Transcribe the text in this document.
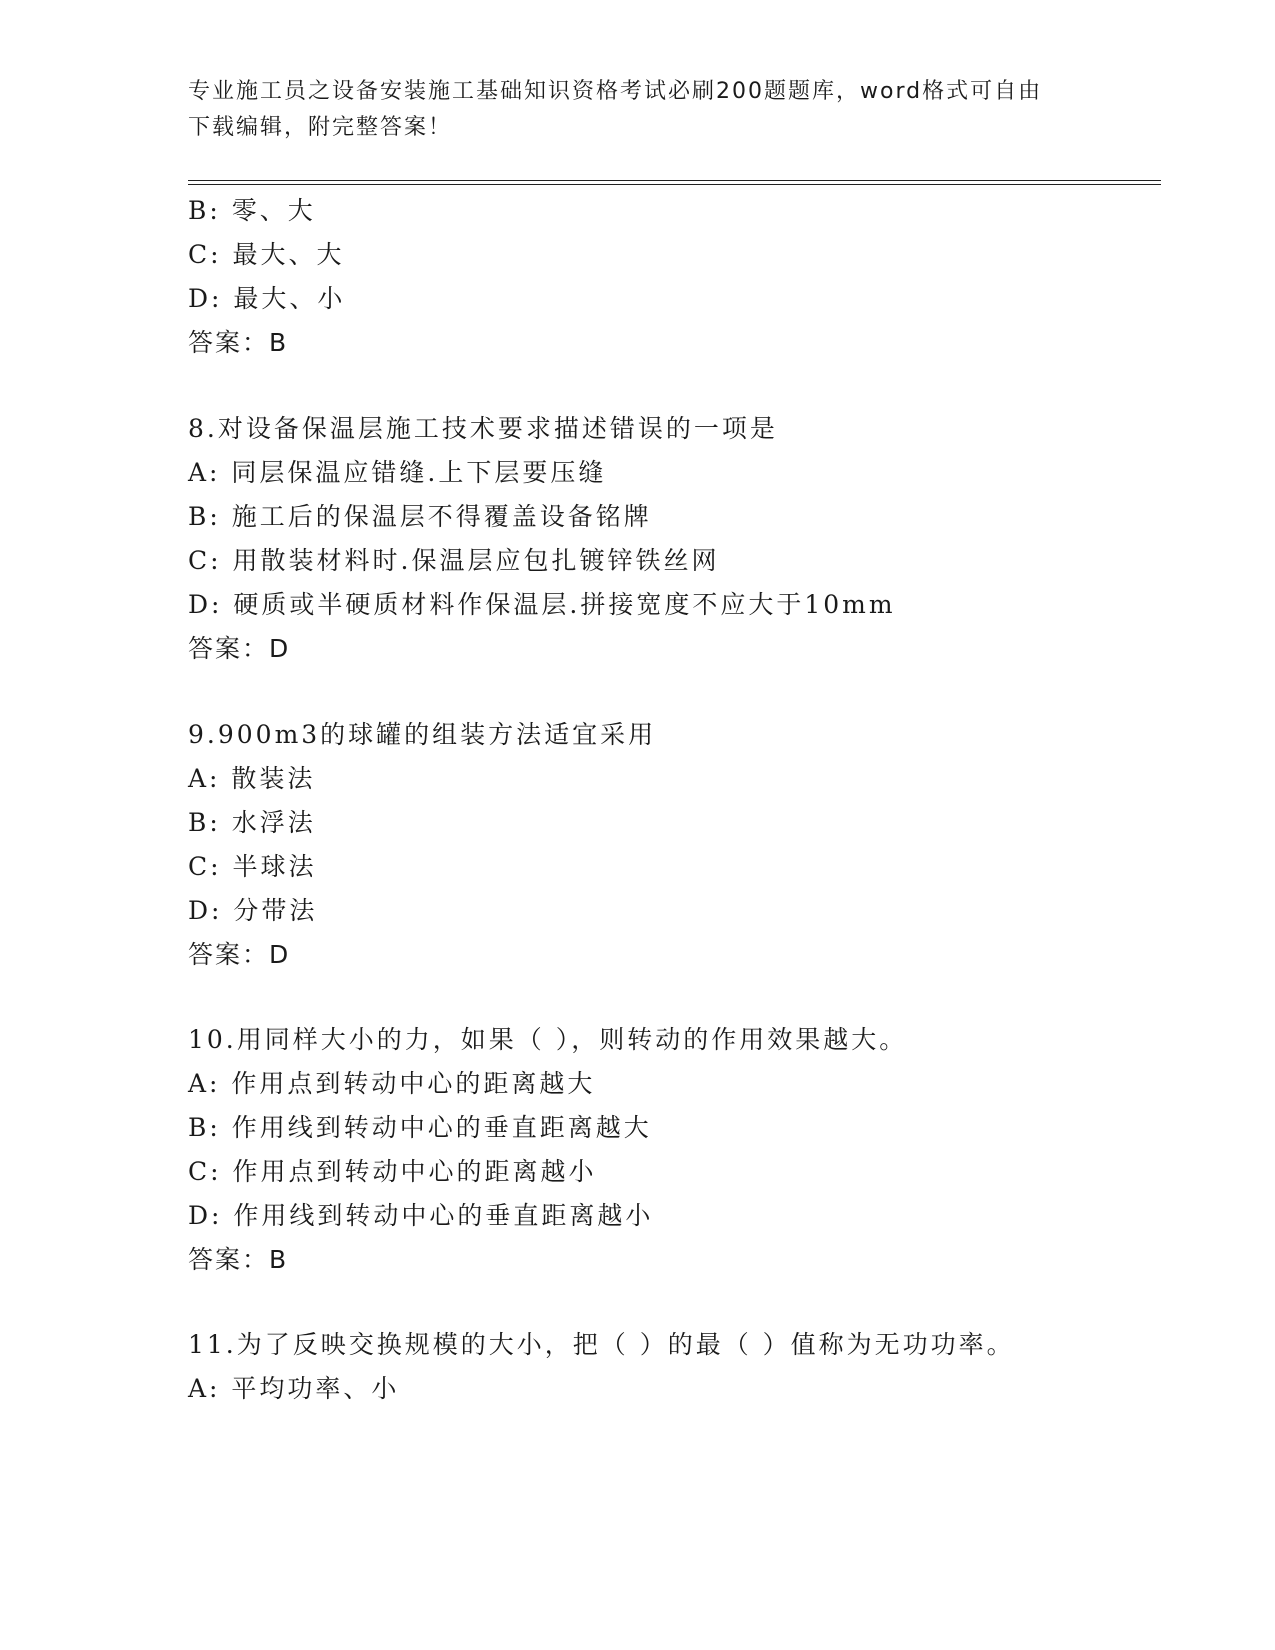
专业施工员之设备安装施工基础知识资格考试必刷200题题库，word格式可自由
下载编辑，附完整答案！
B: 零、大
C: 最大、大
D: 最大、小
答案：B
8.对设备保温层施工技术要求描述错误的一项是
A: 同层保温应错缝.上下层要压缝
B: 施工后的保温层不得覆盖设备铭牌
C: 用散装材料时.保温层应包扎镀锌铁丝网
D: 硬质或半硬质材料作保温层.拼接宽度不应大于10mm
答案：D
9.900m3的球罐的组装方法适宜采用
A: 散装法
B: 水浮法
C: 半球法
D: 分带法
答案：D
10.用同样大小的力，如果（ ），则转动的作用效果越大。
A: 作用点到转动中心的距离越大
B: 作用线到转动中心的垂直距离越大
C: 作用点到转动中心的距离越小
D: 作用线到转动中心的垂直距离越小
答案：B
11.为了反映交换规模的大小，把（ ）的最（ ）值称为无功功率。
A: 平均功率、小
